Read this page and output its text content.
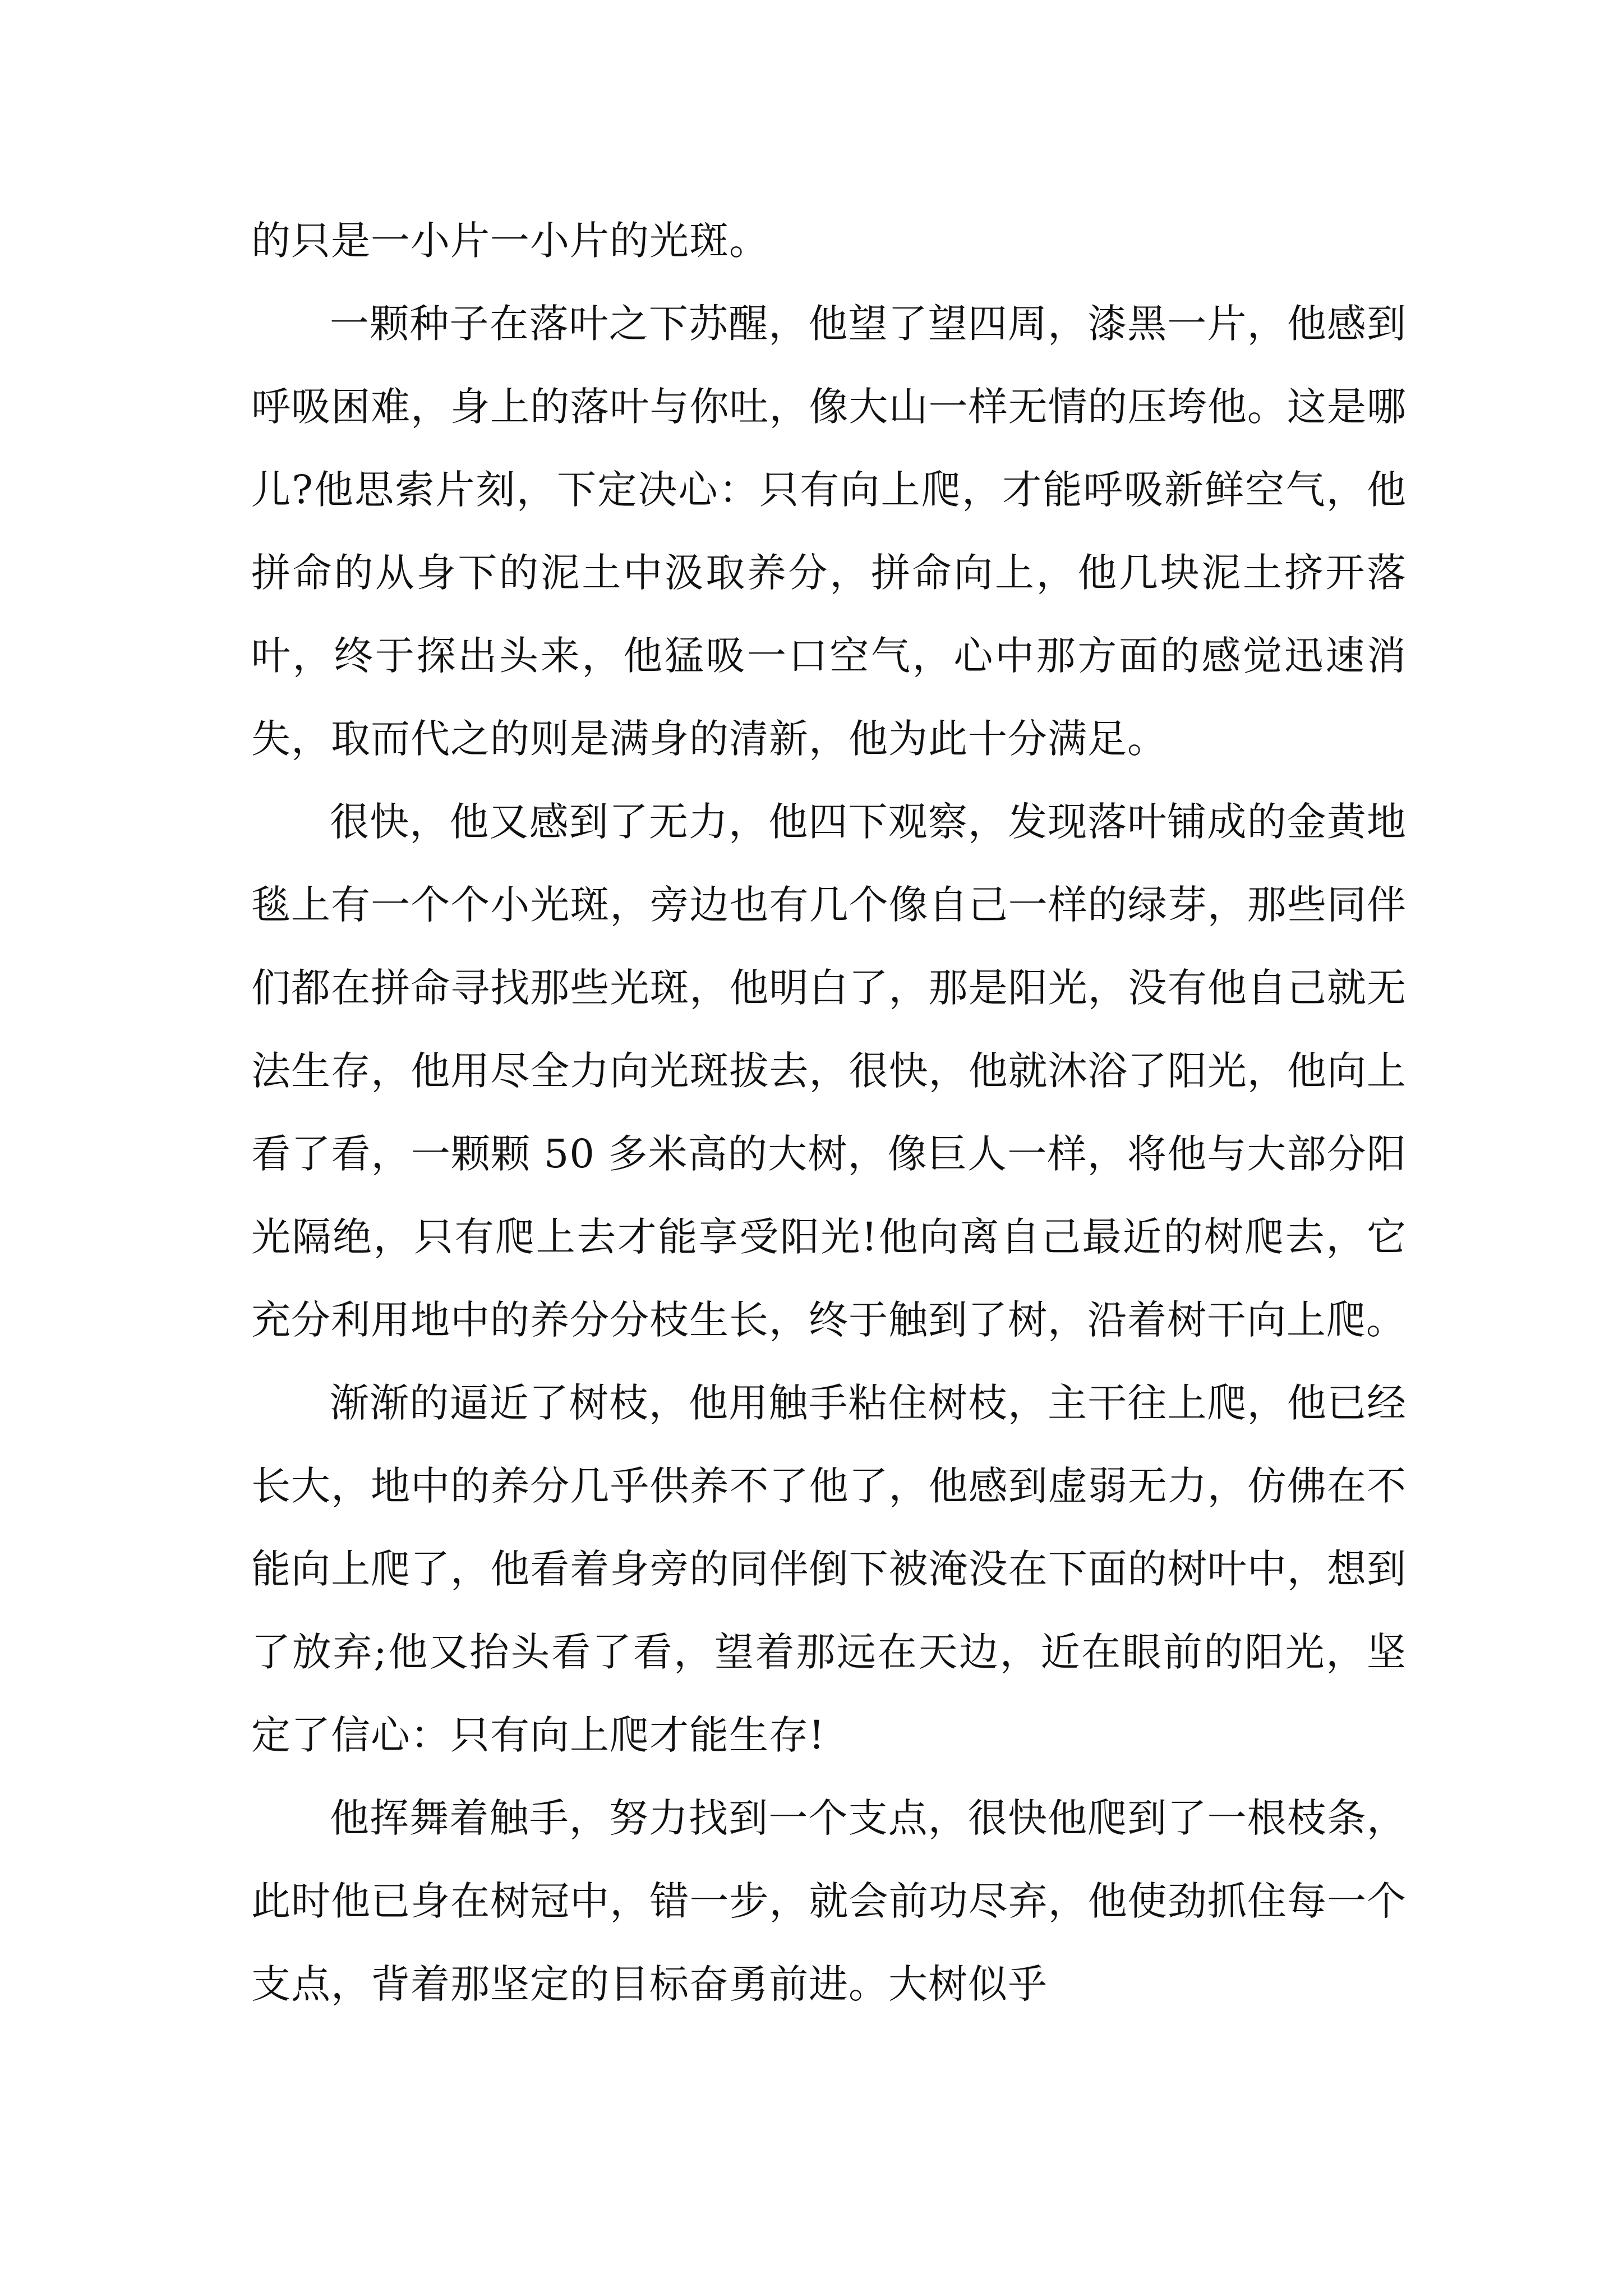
的只是一小片一小片的光斑。

一颗种子在落叶之下苏醒，他望了望四周，漆黑一片，他感到呼吸困难，身上的落叶与你吐，像大山一样无情的压垮他。这是哪儿?他思索片刻，下定决心：只有向上爬，才能呼吸新鲜空气，他拼命的从身下的泥土中汲取养分，拼命向上，他几块泥土挤开落叶，终于探出头来，他猛吸一口空气，心中那方面的感觉迅速消失，取而代之的则是满身的清新，他为此十分满足。

很快，他又感到了无力，他四下观察，发现落叶铺成的金黄地毯上有一个个小光斑，旁边也有几个像自己一样的绿芽，那些同伴们都在拼命寻找那些光斑，他明白了，那是阳光，没有他自己就无法生存，他用尽全力向光斑拔去，很快，他就沐浴了阳光，他向上看了看，一颗颗 50 多米高的大树，像巨人一样，将他与大部分阳光隔绝，只有爬上去才能享受阳光!他向离自己最近的树爬去，它充分利用地中的养分分枝生长，终于触到了树，沿着树干向上爬。

渐渐的逼近了树枝，他用触手粘住树枝，主干往上爬，他已经长大，地中的养分几乎供养不了他了，他感到虚弱无力，仿佛在不能向上爬了，他看着身旁的同伴倒下被淹没在下面的树叶中，想到了放弃;他又抬头看了看，望着那远在天边，近在眼前的阳光，坚定了信心：只有向上爬才能生存!

他挥舞着触手，努力找到一个支点，很快他爬到了一根枝条，此时他已身在树冠中，错一步，就会前功尽弃，他使劲抓住每一个支点，背着那坚定的目标奋勇前进。大树似乎
